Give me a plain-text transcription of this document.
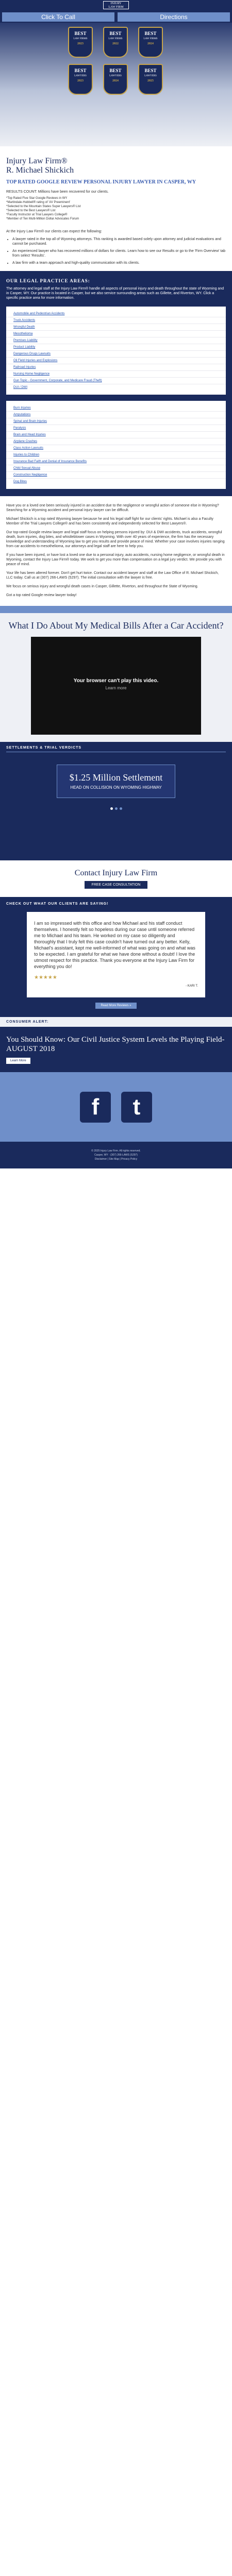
INJURY
LAW FIRM
Click To Call	Directions
BEST
LAW FIRMS
2023
BEST
LAW FIRMS
2022
BEST
LAW FIRMS
2024
BEST
LAWYERS
2023
BEST
LAWYERS
2024
BEST
LAWYERS
2025
Injury Law Firm®
R. Michael Shickich
TOP RATED GOOGLE REVIEW PERSONAL INJURY LAWYER IN CASPER, WY

RESULTS COUNT: Millions have been recovered for our clients.

*Top Rated Five Star Google Reviews in WY
*Martindale-Hubbell® rating of 'AV Preeminent'
*Selected to the Mountain States Super Lawyers® List
*Selected to the Best Lawyers® List
*Faculty Instructor at Trial Lawyers College®
*Member of Ten Multi-Million Dollar Advocates Forum

At the Injury Law Firm® our clients can expect the following:

• A lawyer rated in the top all of Wyoming attorneys. This ranking is awarded based solely upon attorney and judicial evaluations and cannot be purchased.
• An experienced lawyer who has recovered millions of dollars for clients. Learn how to see our Results or go to the 'Firm Overview' tab from select 'Results'.
• A law firm with a team approach and high-quality communication with its clients.
OUR LEGAL PRACTICE AREAS:

The attorney and legal staff at the Injury Law Firm® handle all aspects of personal injury and death throughout the state of Wyoming and in Casper, WY. Our practice is located in Casper, but we also service surrounding areas such as Gillette, and Riverton, WY. Click a specific practice area for more information.

Automobile and Pedestrian Accidents
Truck Accidents
Wrongful Death
Mesothelioma
Premises Liability
Product Liability
Dangerous Drugs Lawsuits
Oil Field Injuries and Explosions
Railroad Injuries
Nursing Home Negligence
Gun Topic - Government, Corporate, and Medicare Fraud (Theft)
DUI / DWI
Burn Injuries
Amputations
Spinal and Brain Injuries
Paralysis
Brain and Head Injuries
Airplane Crashes
Class Action Lawsuits
Injuries to Children
Insurance Bad Faith and Denial of Insurance Benefits
Child Sexual Abuse
Construction Negligence
Dog Bites

Have you or a loved one been seriously injured in an accident due to the negligence or wrongful action of someone else in Wyoming? Searching for a Wyoming accident and personal injury lawyer can be difficult.

Michael Shickich is a top rated Wyoming lawyer because he and his legal staff fight for our clients' rights. Michael is also a Faculty Member of the Trial Lawyers College® and has been consistently and independently selected for Best Lawyers®.

Our top-rated Google review lawyer and legal staff focus on helping persons injured by: DUI & DWI accidents, truck accidents, wrongful death, burn injuries, dog bites, and whistleblower cases in Wyoming. With over 40 years of experience, the firm has the necessary knowledge and understanding of Wyoming law to get you results and provide peace of mind. Whether your case involves injuries ranging from car accidents to mesothelioma, our attorneys and legal staff are here to help you.

If you have been injured, or have lost a loved one due to a personal injury, auto accidents, nursing home negligence, or wrongful death in Wyoming, contact the Injury Law Firm® today. We work to get you more than compensation on a legal jury verdict. We provide you with peace of mind.

Your life has been altered forever. Don't get hurt twice. Contact our accident lawyer and staff at the Law Office of R. Michael Shickich, LLC today. Call us at (307) 266-LAWS (5297). The initial consultation with the lawyer is free.

We focus on serious injury and wrongful death cases in Casper, Gillette, Riverton, and throughout the State of Wyoming.

Got a top rated Google review lawyer today!

What I Do About My Medical Bills After a Car Accident?
Your browser can't play this video.
Learn more
SETTLEMENTS & TRIAL VERDICTS
$1.25 Million Settlement
HEAD ON COLLISION ON WYOMING HIGHWAY
Contact Injury Law Firm
FREE CASE CONSULTATION
CHECK OUT WHAT OUR CLIENTS ARE SAYING!

I am so impressed with this office and how Michael and his staff conduct themselves. I honestly felt so hopeless during our case until someone referred me to Michael and his team. He worked on my case so diligently and thoroughly that I truly felt this case couldn't have turned out any better. Kelly, Michael's assistant, kept me well-informed of what was going on and what was to be expected. I am grateful for what we have done without a doubt! I love the utmost respect for this practice. Thank you everyone at the Injury Law Firm for everything you do!

★★★★★
- KARI T.
Read More Reviews »
CONSUMER ALERT:
You Should Know: Our Civil Justice System Levels the Playing Field-AUGUST 2018
Learn More
f	t
© 2025 Injury Law Firm. All rights reserved.
Casper, WY · (307) 266-LAWS (5297)
Disclaimer | Site Map | Privacy Policy
